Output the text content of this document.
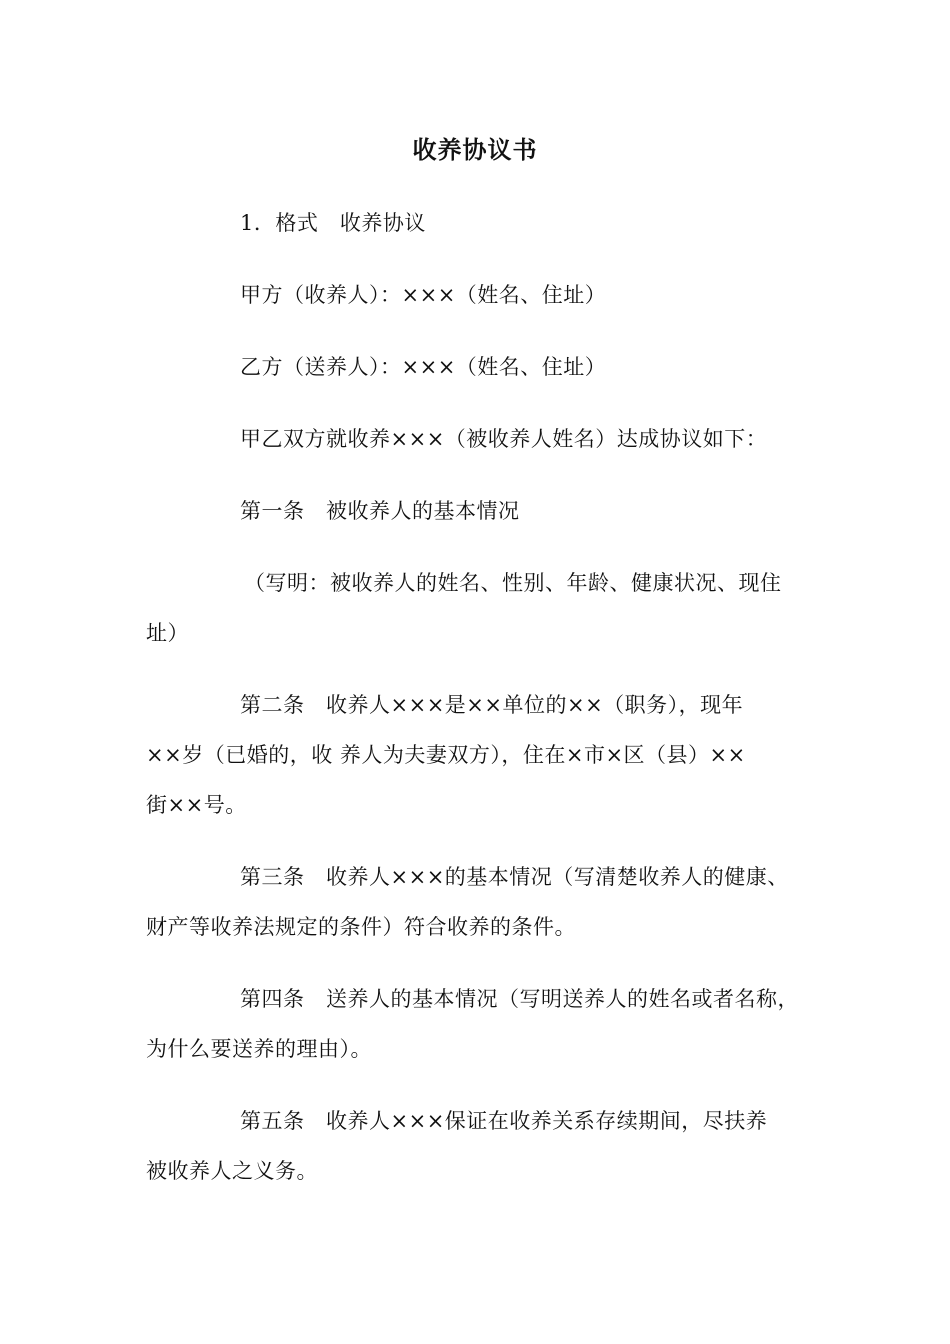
收养协议书
1．格式　收养协议
甲方（收养人）：×××（姓名、住址）
乙方（送养人）：×××（姓名、住址）
甲乙双方就收养×××（被收养人姓名）达成协议如下：
第一条　被收养人的基本情况
（写明：被收养人的姓名、性别、年龄、健康状况、现住
址）
第二条　收养人×××是××单位的××（职务），现年
××岁（已婚的，收 养人为夫妻双方），住在×市×区（县）××
街××号。
第三条　收养人×××的基本情况（写清楚收养人的健康、
财产等收养法规定的条件）符合收养的条件。
第四条　送养人的基本情况（写明送养人的姓名或者名称，
为什么要送养的理由）。
第五条　收养人×××保证在收养关系存续期间，尽扶养
被收养人之义务。
